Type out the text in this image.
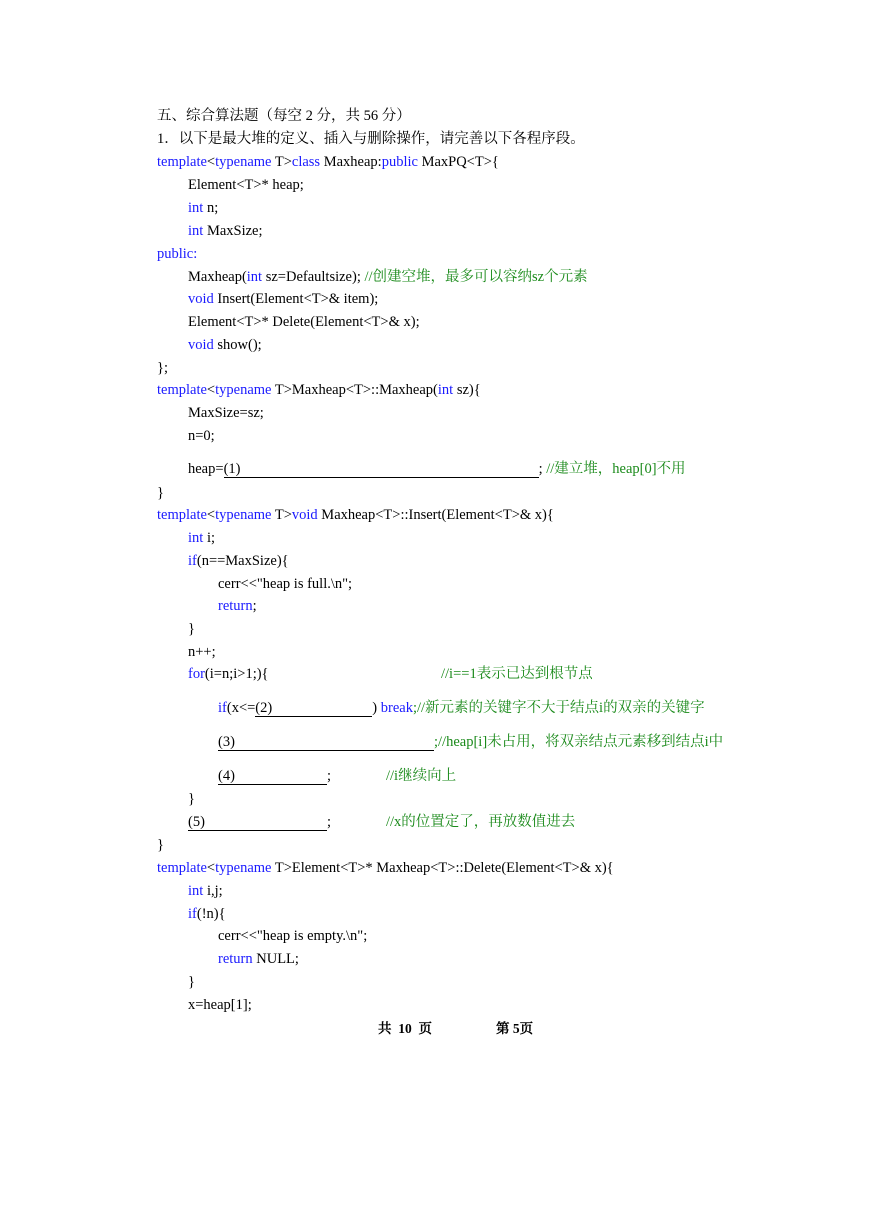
五、综合算法题（每空 2 分，共 56 分）
1．以下是最大堆的定义、插入与删除操作，请完善以下各程序段。
template<typename T>class Maxheap:public MaxPQ<T>{
Element<T>* heap;
int n;
int MaxSize;
public:
Maxheap(int sz=Defaultsize); //创建空堆，最多可以容纳sz个元素
void Insert(Element<T>& item);
Element<T>* Delete(Element<T>& x);
void show();
};
template<typename T>Maxheap<T>::Maxheap(int sz){
MaxSize=sz;
n=0;
heap=(1)	; //建立堆，heap[0]不用
}
template<typename T>void Maxheap<T>::Insert(Element<T>& x){
int i;
if(n==MaxSize){
cerr<<"heap is full.\n";
return;
}
n++;
for(i=n;i>1;){	//i==1表示已达到根节点
if(x<=(2)	) break;//新元素的关键字不大于结点i的双亲的关键字
(3)	;//heap[i]未占用，将双亲结点元素移到结点i中
(4)	;	//i继续向上
}
(5)	;	//x的位置定了，再放数值进去
}
template<typename T>Element<T>* Maxheap<T>::Delete(Element<T>& x){
int i,j;
if(!n){
cerr<<"heap is empty.\n";
return NULL;
}
x=heap[1];
共  10  页	第 5页
